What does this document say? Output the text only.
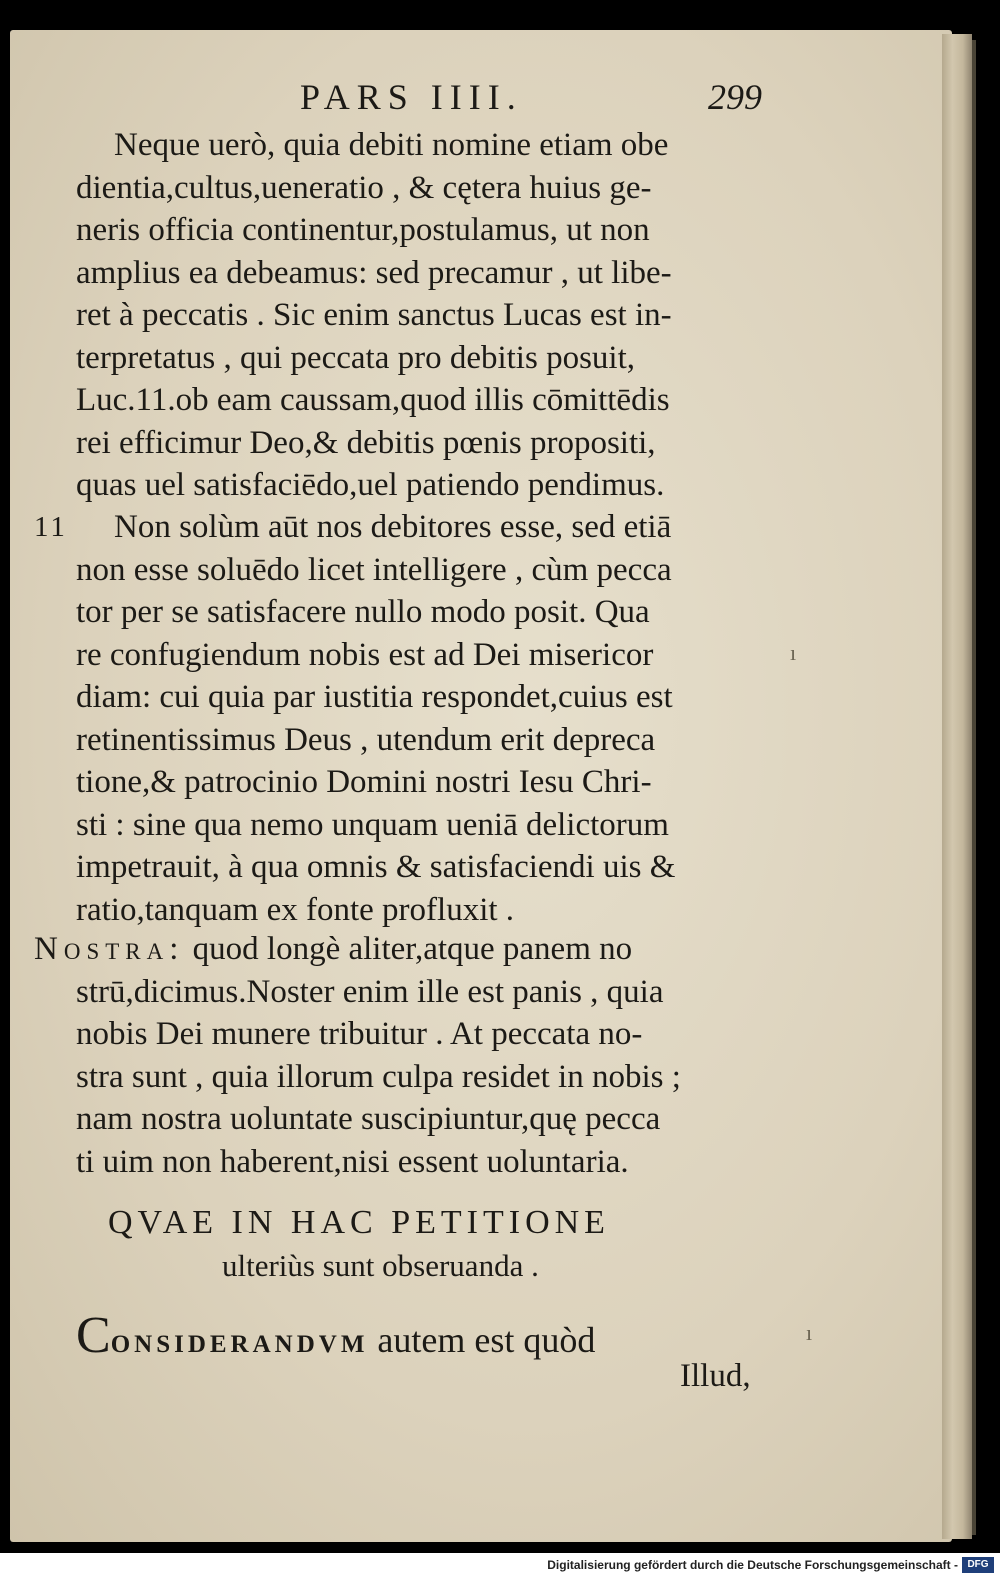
PARS IIII.	299
Neque uerò, quia debiti nomine etiam obe
dientia,cultus,ueneratio , & cętera huius ge-
neris officia continentur,postulamus, ut non
amplius ea debeamus: sed precamur , ut libe-
ret à peccatis . Sic enim sanctus Lucas est in-
terpretatus , qui peccata pro debitis posuit,
Luc.11.ob eam caussam,quod illis cōmittēdis
rei efficimur Deo,& debitis pœnis propositi,
quas uel satisfaciēdo,uel patiendo pendimus.
11	Non solùm aūt nos debitores esse, sed etiā
non esse soluēdo licet intelligere , cùm pecca
tor per se satisfacere nullo modo posit. Qua
re confugiendum nobis est ad Dei misericor
diam: cui quia par iustitia respondet,cuius est
retinentissimus Deus , utendum erit depreca
tione,& patrocinio Domini nostri Iesu Chri-
sti : sine qua nemo unquam ueniā delictorum
impetrauit, à qua omnis & satisfaciendi uis &
ratio,tanquam ex fonte profluxit .
Nostra: quod longè aliter,atque panem no
strū,dicimus.Noster enim ille est panis , quia
nobis Dei munere tribuitur . At peccata no-
stra sunt , quia illorum culpa residet in nobis ;
nam nostra uoluntate suscipiuntur,quę pecca
ti uim non haberent,nisi essent uoluntaria.
QVAE IN HAC PETITIONE
ulteriùs sunt obseruanda .
CONSIDERANDVM autem est quòd
Illud,
ı
ı
Digitalisierung gefördert durch die Deutsche Forschungsgemeinschaft - DFG
